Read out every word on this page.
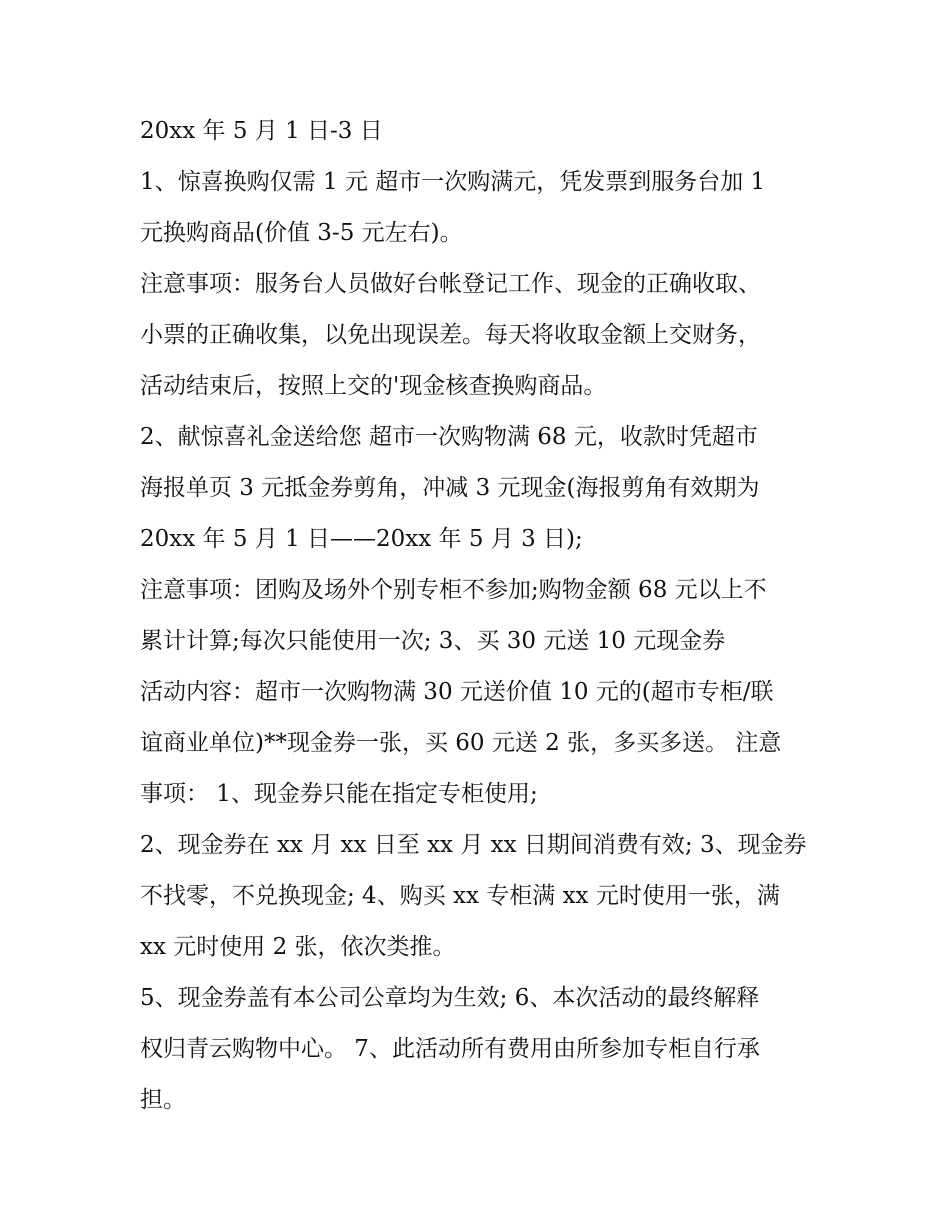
20xx 年 5 月 1 日-3 日
1、惊喜换购仅需 1 元 超市一次购满元，凭发票到服务台加 1
元换购商品(价值 3-5 元左右)。
注意事项：服务台人员做好台帐登记工作、现金的正确收取、
小票的正确收集，以免出现误差。每天将收取金额上交财务，
活动结束后，按照上交的'现金核查换购商品。
2、献惊喜礼金送给您 超市一次购物满 68 元，收款时凭超市
海报单页 3 元抵金券剪角，冲减 3 元现金(海报剪角有效期为
20xx 年 5 月 1 日——20xx 年 5 月 3 日);
注意事项：团购及场外个别专柜不参加;购物金额 68 元以上不
累计计算;每次只能使用一次; 3、买 30 元送 10 元现金券
活动内容：超市一次购物满 30 元送价值 10 元的(超市专柜/联
谊商业单位)**现金券一张，买 60 元送 2 张，多买多送。 注意
事项： 1、现金券只能在指定专柜使用;
2、现金券在 xx 月 xx 日至 xx 月 xx 日期间消费有效; 3、现金券
不找零，不兑换现金; 4、购买 xx 专柜满 xx 元时使用一张，满
xx 元时使用 2 张，依次类推。
5、现金券盖有本公司公章均为生效; 6、本次活动的最终解释
权归青云购物中心。 7、此活动所有费用由所参加专柜自行承
担。
